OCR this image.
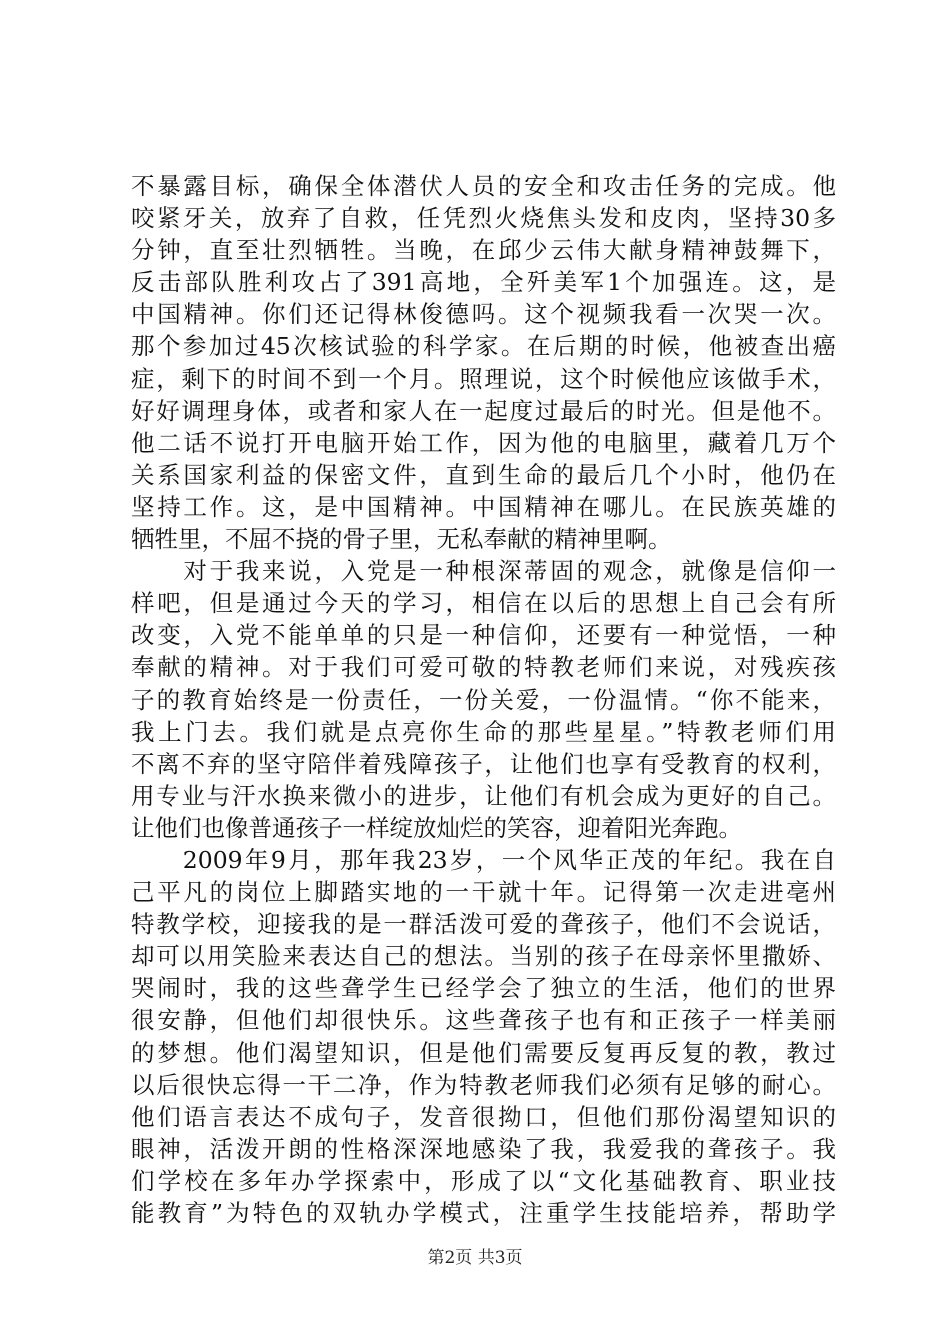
不暴露目标，确保全体潜伏人员的安全和攻击任务的完成。他
咬紧牙关，放弃了自救，任凭烈火烧焦头发和皮肉，坚持30多
分钟，直至壮烈牺牲。当晚，在邱少云伟大献身精神鼓舞下，
反击部队胜利攻占了391高地，全歼美军1个加强连。这，是
中国精神。你们还记得林俊德吗。这个视频我看一次哭一次。
那个参加过45次核试验的科学家。在后期的时候，他被查出癌
症，剩下的时间不到一个月。照理说，这个时候他应该做手术，
好好调理身体，或者和家人在一起度过最后的时光。但是他不。
他二话不说打开电脑开始工作，因为他的电脑里，藏着几万个
关系国家利益的保密文件，直到生命的最后几个小时，他仍在
坚持工作。这，是中国精神。中国精神在哪儿。在民族英雄的
牺牲里，不屈不挠的骨子里，无私奉献的精神里啊。
　　对于我来说，入党是一种根深蒂固的观念，就像是信仰一
样吧，但是通过今天的学习，相信在以后的思想上自己会有所
改变，入党不能单单的只是一种信仰，还要有一种觉悟，一种
奉献的精神。对于我们可爱可敬的特教老师们来说，对残疾孩
子的教育始终是一份责任，一份关爱，一份温情。“你不能来，
我上门去。我们就是点亮你生命的那些星星。”特教老师们用
不离不弃的坚守陪伴着残障孩子，让他们也享有受教育的权利，
用专业与汗水换来微小的进步，让他们有机会成为更好的自己。
让他们也像普通孩子一样绽放灿烂的笑容，迎着阳光奔跑。
　　2009年9月，那年我23岁，一个风华正茂的年纪。我在自
己平凡的岗位上脚踏实地的一干就十年。记得第一次走进亳州
特教学校，迎接我的是一群活泼可爱的聋孩子，他们不会说话，
却可以用笑脸来表达自己的想法。当别的孩子在母亲怀里撒娇、
哭闹时，我的这些聋学生已经学会了独立的生活，他们的世界
很安静，但他们却很快乐。这些聋孩子也有和正孩子一样美丽
的梦想。他们渴望知识，但是他们需要反复再反复的教，教过
以后很快忘得一干二净，作为特教老师我们必须有足够的耐心。
他们语言表达不成句子，发音很拗口，但他们那份渴望知识的
眼神，活泼开朗的性格深深地感染了我，我爱我的聋孩子。我
们学校在多年办学探索中，形成了以“文化基础教育、职业技
能教育”为特色的双轨办学模式，注重学生技能培养，帮助学
第2页 共3页
